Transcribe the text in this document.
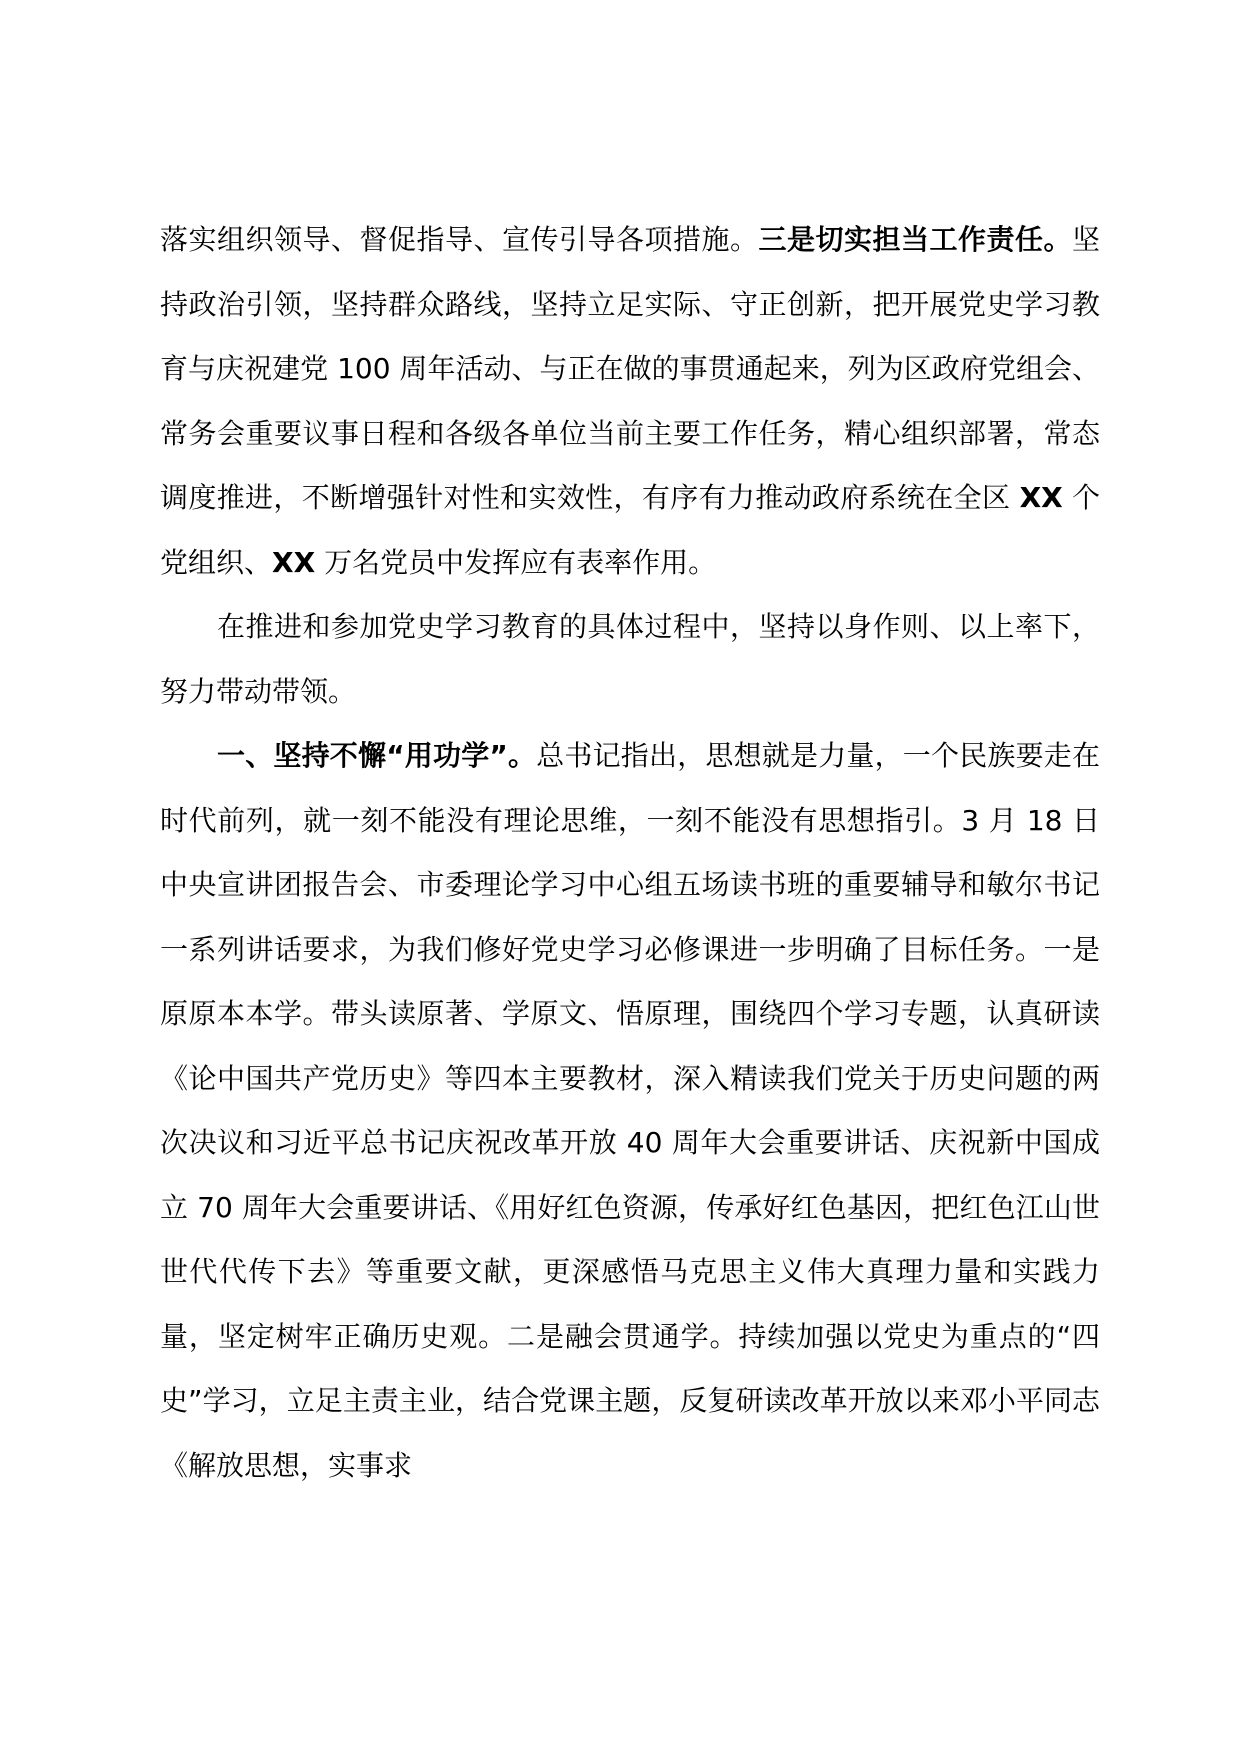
落实组织领导、督促指导、宣传引导各项措施。三是切实担当工作责任。坚持政治引领，坚持群众路线，坚持立足实际、守正创新，把开展党史学习教育与庆祝建党 100 周年活动、与正在做的事贯通起来，列为区政府党组会、常务会重要议事日程和各级各单位当前主要工作任务，精心组织部署，常态调度推进，不断增强针对性和实效性，有序有力推动政府系统在全区 XX 个党组织、XX 万名党员中发挥应有表率作用。

在推进和参加党史学习教育的具体过程中，坚持以身作则、以上率下，努力带动带领。

一、坚持不懈“用功学”。总书记指出，思想就是力量，一个民族要走在时代前列，就一刻不能没有理论思维，一刻不能没有思想指引。3 月 18 日中央宣讲团报告会、市委理论学习中心组五场读书班的重要辅导和敏尔书记一系列讲话要求，为我们修好党史学习必修课进一步明确了目标任务。一是原原本本学。带头读原著、学原文、悟原理，围绕四个学习专题，认真研读《论中国共产党历史》等四本主要教材，深入精读我们党关于历史问题的两次决议和习近平总书记庆祝改革开放 40 周年大会重要讲话、庆祝新中国成立 70 周年大会重要讲话、《用好红色资源，传承好红色基因，把红色江山世世代代传下去》等重要文献，更深感悟马克思主义伟大真理力量和实践力量，坚定树牢正确历史观。二是融会贯通学。持续加强以党史为重点的“四史”学习，立足主责主业，结合党课主题，反复研读改革开放以来邓小平同志《解放思想，实事求
